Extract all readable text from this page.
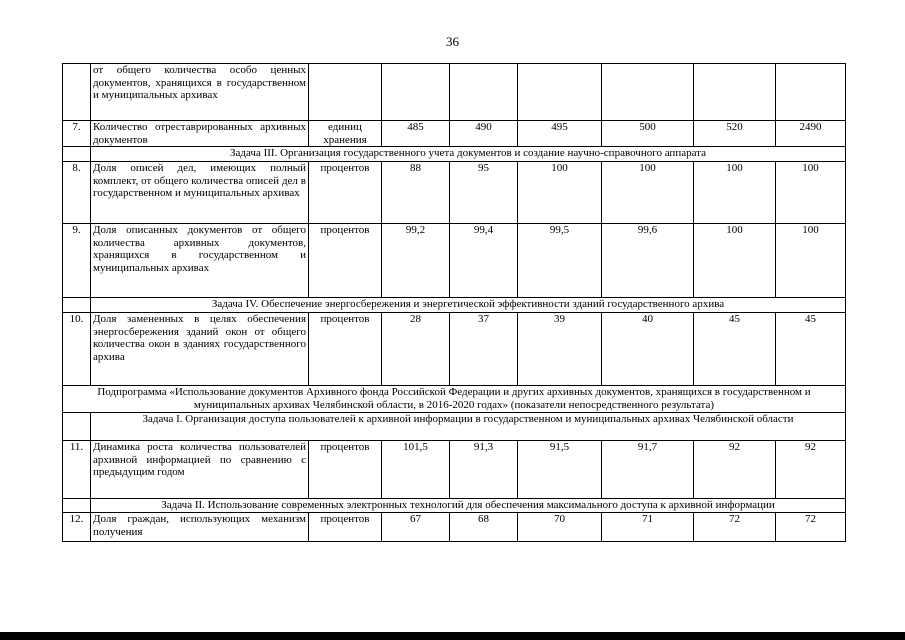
36
	от общего количества особо ценных документов, хранящихся в государственном и муниципальных архивах							
7.	Количество отреставрированных архивных документов	единиц хранения	485	490	495	500	520	2490
	Задача III. Организация государственного учета документов и создание научно-справочного аппарата							
8.	Доля описей дел, имеющих полный комплект, от общего количества описей дел в государственном и муниципальных архивах	процентов	88	95	100	100	100	100
9.	Доля описанных документов от общего количества архивных документов, хранящихся в государственном и муниципальных архивах	процентов	99,2	99,4	99,5	99,6	100	100
	Задача IV. Обеспечение энергосбережения и энергетической эффективности зданий государственного архива							
10.	Доля замененных в целях обеспечения энергосбережения зданий окон от общего количества окон в зданиях государственного архива	процентов	28	37	39	40	45	45
Подпрограмма «Использование документов Архивного фонда Российской Федерации и других архивных документов, хранящихся в государственном и муниципальных архивах Челябинской области, в 2016-2020 годах» (показатели непосредственного результата)								
	Задача I. Организация доступа пользователей к архивной информации в государственном и муниципальных архивах Челябинской области							
11.	Динамика роста количества пользователей архивной информацией по сравнению с предыдущим годом	процентов	101,5	91,3	91,5	91,7	92	92
	Задача II. Использование современных электронных технологий для обеспечения максимального доступа к архивной информации							
12.	Доля граждан, использующих механизм получения	процентов	67	68	70	71	72	72
